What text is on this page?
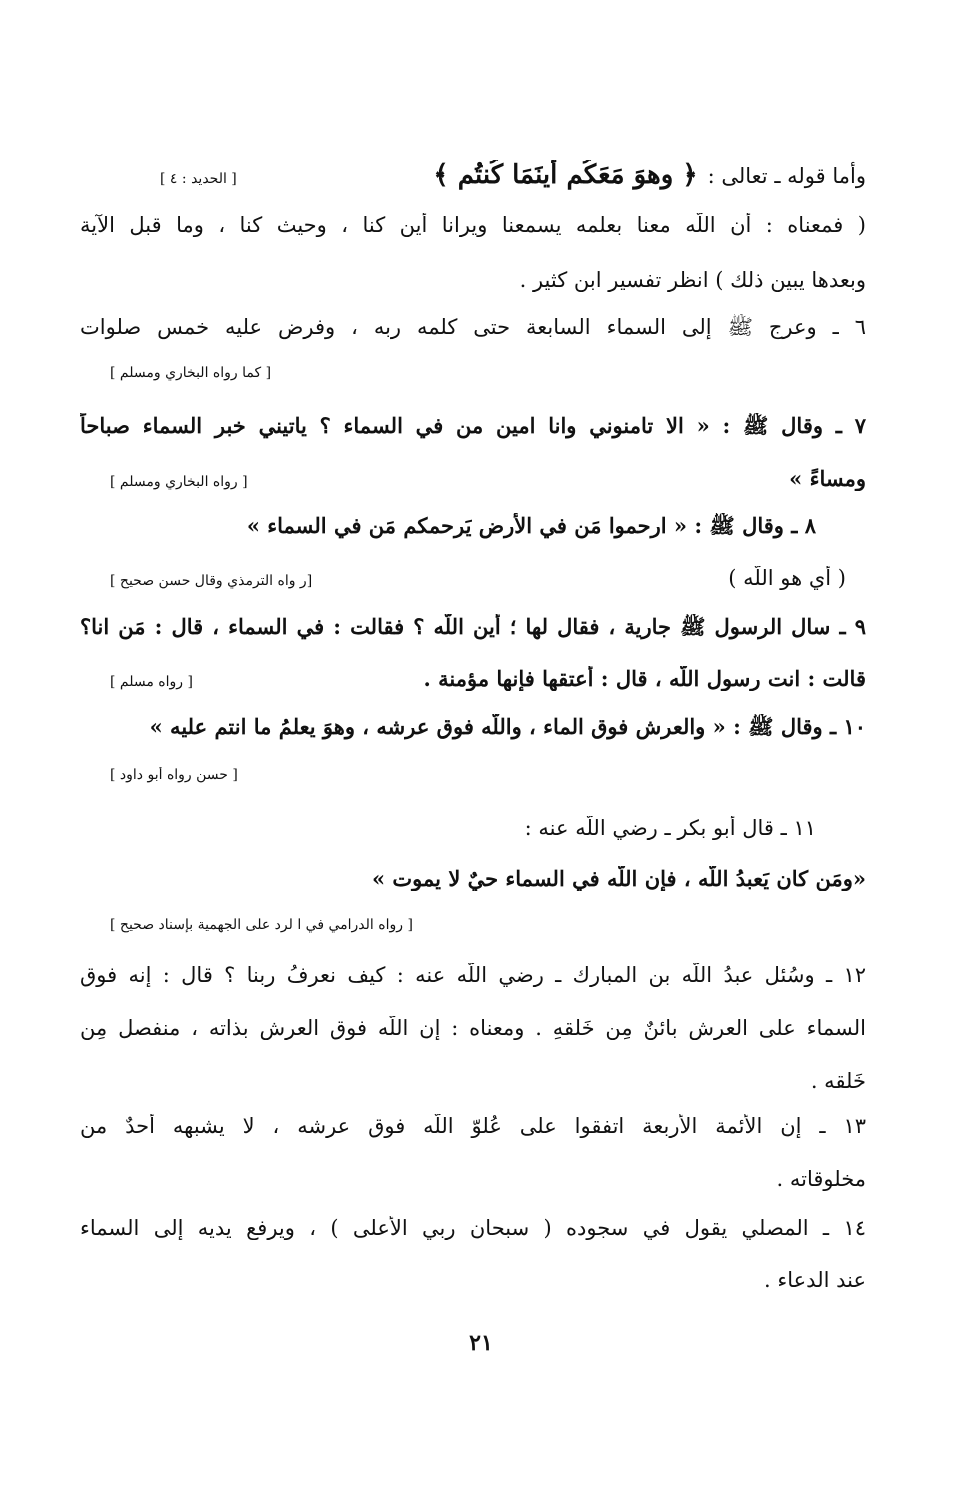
وأما قوله ـ تعالى :
﴿ وهوَ مَعَكُم أينَمَا كُنتُم ﴾
[ الحديد : ٤ ]
( فمعناه : أن اللّه معنا بعلمه يسمعنا ويرانا أين كنا ، وحيث كنا ، وما قبل الآية
وبعدها يبين ذلك ) انظر تفسير ابن كثير .
٦ ـ وعرج ﷺ إلى السماء السابعة حتى كلمه ربه ، وفرض عليه خمس صلوات
[ كما رواه البخاري ومسلم ]
٧ ـ وقال ﷺ : « الا تامنوني وانا امين من في السماء ؟ ياتيني خبر السماء صباحاً
ومساءً »
[ رواه البخاري ومسلم ]
٨ ـ وقال ﷺ : « ارحموا مَن في الأرض يَرحمكم مَن في السماء »
( أي هو اللّه )
[ر واه الترمذي وقال حسن صحيح ]
٩ ـ سال الرسول ﷺ جارية ، فقال لها ؛ أين اللّه ؟ فقالت : في السماء ، قال : مَن انا؟
قالت : انت رسول اللّه ، قال : أعتقها فإنها مؤمنة .
[ رواه مسلم ]
١٠ ـ وقال ﷺ : « والعرش فوق الماء ، واللّه فوق عرشه ، وهوَ يعلمُ ما انتم عليه »
[ حسن رواه أبو داود ]
١١ ـ قال أبو بكر ـ رضي اللّه عنه :
«ومَن كان يَعبدُ اللّه ، فإن اللّه في السماء حيٌ لا يموت »
[ رواه الدرامي في ا لرد على الجهمية بإسناد صحيح ]
١٢ ـ وسُئل عبدُ اللّه بن المبارك ـ رضي اللّه عنه : كيف نعرفُ ربنا ؟ قال : إنه فوق
السماء على العرش بائنٌ مِن خَلقهِ . ومعناه : إن اللّه فوق العرش بذاته ، منفصل مِن
خَلقه .
١٣ ـ إن الأئمة الأربعة اتفقوا على عُلوّ اللّه فوق عرشه ، لا يشبهه أحدٌ من
مخلوقاته .
١٤ ـ المصلي يقول في سجوده ( سبحان ربي الأعلى ) ، ويرفع يديه إلى السماء
عند الدعاء .
٢١
